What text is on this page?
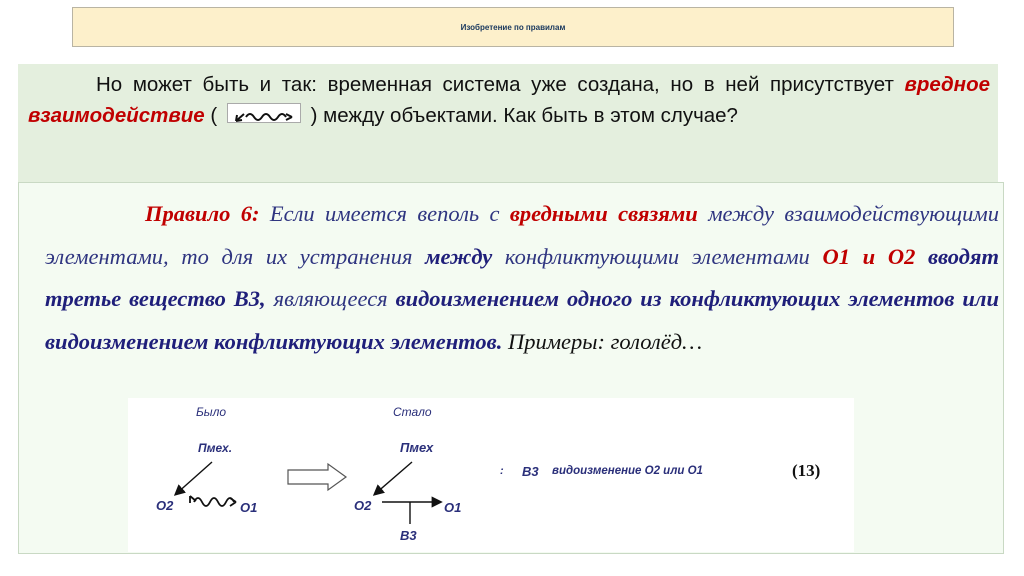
Изобретение по правилам
Но может быть и так: временная система уже создана, но в ней присутствует вредное взаимодействие (	) между объектами. Как быть в этом случае?
Правило 6: Если имеется веполь с вредными связями между взаимодействующими элементами, то для их устранения между конфликтующими элементами О1 и О2 вводят третье вещество В3, являющееся видоизменением одного из конфликтующих элементов или видоизменением конфликтующих элементов. Примеры: гололёд…
Было
Пмех.
О2	О1
Стало
Пмех
О2	О1
В3
: В3 видоизменение О2 или О1	(13)
